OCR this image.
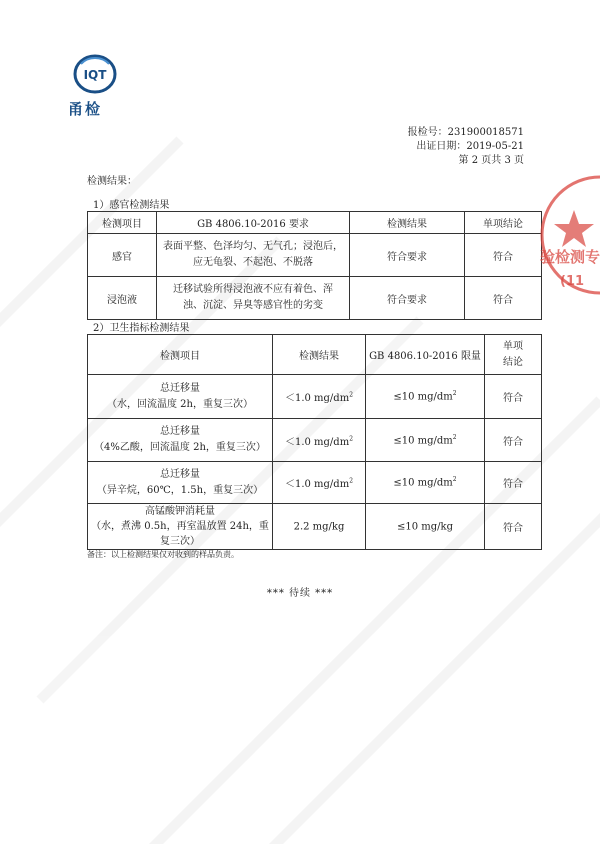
IQT
甬检
报检号：231900018571
出证日期：2019-05-21
第 2 页共 3 页
检测结果：
1）感官检测结果
检测项目	GB 4806.10-2016 要求	检测结果	单项结论
感官	表面平整、色泽均匀、无气孔；浸泡后，
应无龟裂、不起泡、不脱落	符合要求	符合
浸泡液	迁移试验所得浸泡液不应有着色、浑
浊、沉淀、异臭等感官性的劣变	符合要求	符合
2）卫生指标检测结果
检测项目	检测结果	GB 4806.10-2016 限量	单项
结论

总迁移量
（水，回流温度 2h，重复三次）	＜1.0 $mg/dm^2$	≤10 $mg/dm^2$	符合

总迁移量
（4%乙酸，回流温度 2h，重复三次）	＜1.0 $mg/dm^2$	≤10 $mg/dm^2$	符合

总迁移量
（异辛烷，60℃，1.5h，重复三次）	＜1.0 $mg/dm^2$	≤10 $mg/dm^2$	符合

高锰酸钾消耗量
（水，煮沸 0.5h，再室温放置 24h，重
复三次）	2.2 mg/kg	≤10 mg/kg	符合
备注：以上检测结果仅对收到的样品负责。
*** 待续 ***
验检测专
(11
